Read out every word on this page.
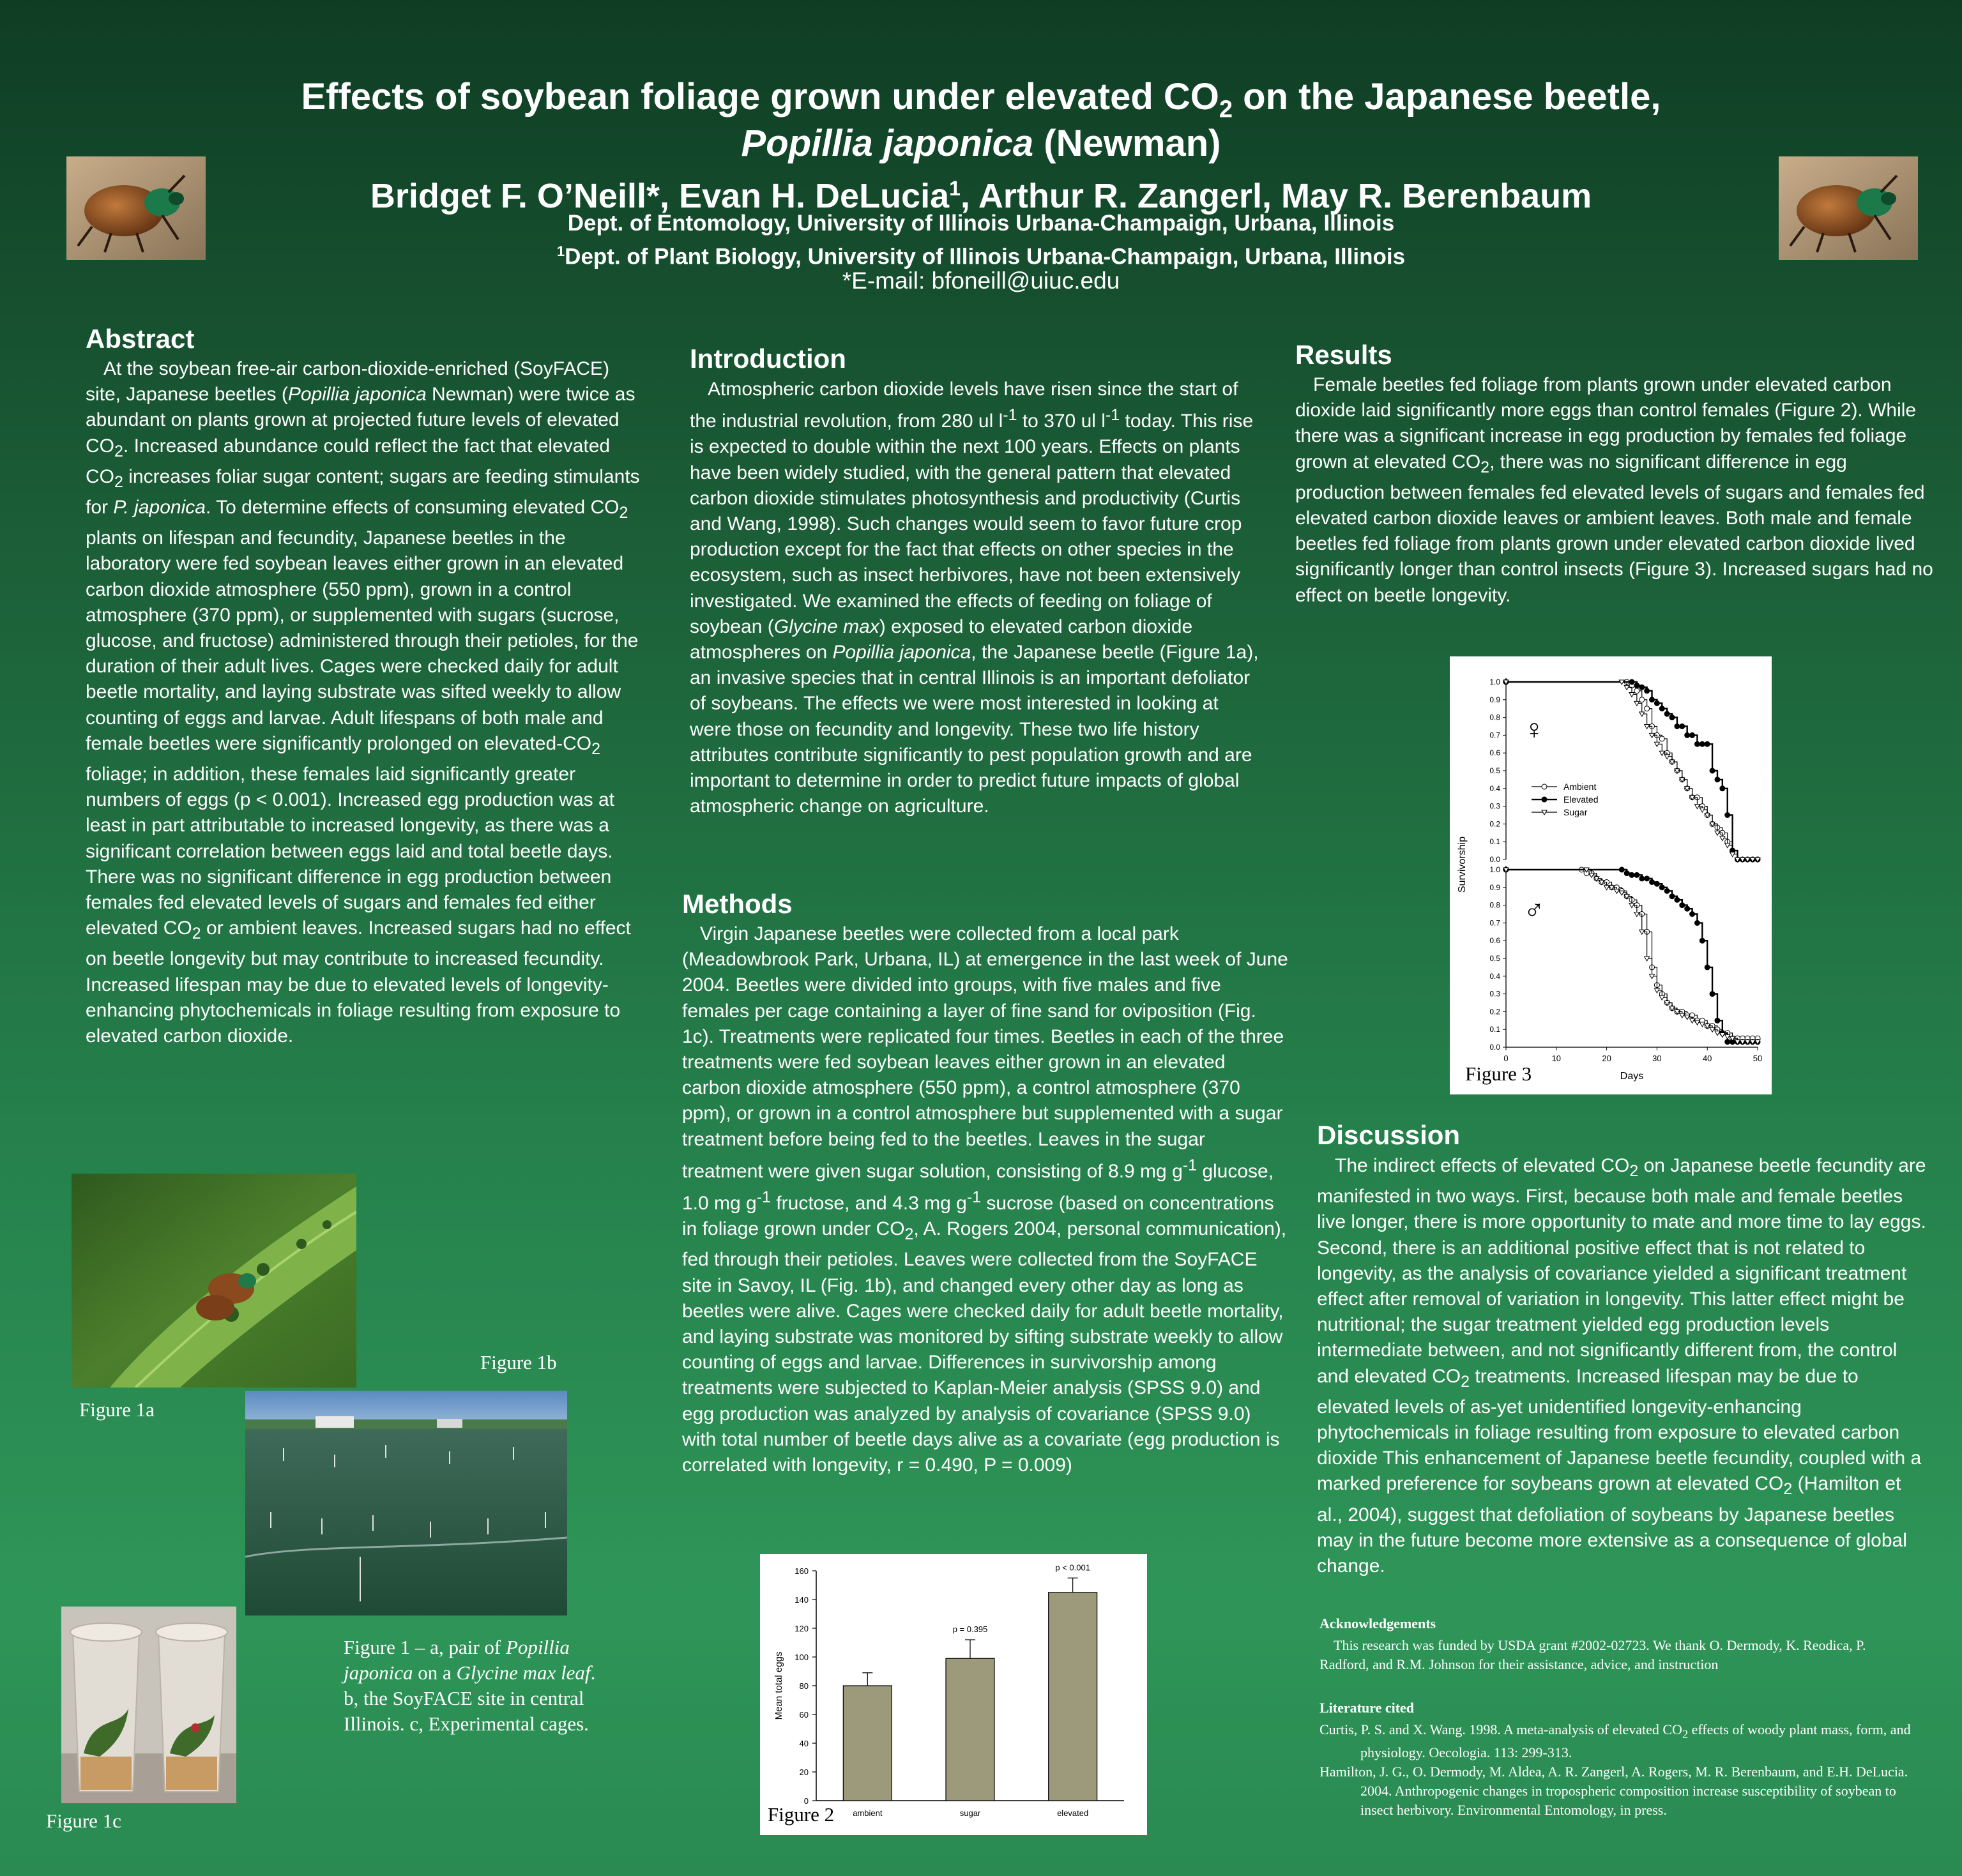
Effects of soybean foliage grown under elevated $CO_2$ on the Japanese beetle,
Popillia japonica (Newman)
Bridget F. O’Neill*, Evan H. DeLucia$^1$, Arthur R. Zangerl, May R. Berenbaum
Dept. of Entomology, University of Illinois Urbana-Champaign, Urbana, Illinois
$^1$Dept. of Plant Biology, University of Illinois Urbana-Champaign, Urbana, Illinois
*E-mail: bfoneill@uiuc.edu
Abstract

At the soybean free-air carbon-dioxide-enriched (SoyFACE) site, Japanese beetles (Popillia japonica Newman) were twice as abundant on plants grown at projected future levels of elevated $CO_2$. Increased abundance could reflect the fact that elevated $CO_2$ increases foliar sugar content; sugars are feeding stimulants for P. japonica. To determine effects of consuming elevated $CO_2$ plants on lifespan and fecundity, Japanese beetles in the laboratory were fed soybean leaves either grown in an elevated carbon dioxide atmosphere (550 ppm), grown in a control atmosphere (370 ppm), or supplemented with sugars (sucrose, glucose, and fructose) administered through their petioles, for the duration of their adult lives. Cages were checked daily for adult beetle mortality, and laying substrate was sifted weekly to allow counting of eggs and larvae. Adult lifespans of both male and female beetles were significantly prolonged on elevated-$CO_2$ foliage; in addition, these females laid significantly greater numbers of eggs (p < 0.001). Increased egg production was at least in part attributable to increased longevity, as there was a significant correlation between eggs laid and total beetle days. There was no significant difference in egg production between females fed elevated levels of sugars and females fed either elevated $CO_2$ or ambient leaves. Increased sugars had no effect on beetle longevity but may contribute to increased fecundity. Increased lifespan may be due to elevated levels of longevity-enhancing phytochemicals in foliage resulting from exposure to elevated carbon dioxide.

Figure 1b
Figure 1a
Figure 1 – a, pair of Popillia japonica on a Glycine max leaf. b, the SoyFACE site in central Illinois. c, Experimental cages.
Figure 1c
Introduction

Atmospheric carbon dioxide levels have risen since the start of the industrial revolution, from 280 ul $l^{-1}$ to 370 ul $l^{-1}$ today. This rise is expected to double within the next 100 years. Effects on plants have been widely studied, with the general pattern that elevated carbon dioxide stimulates photosynthesis and productivity (Curtis and Wang, 1998). Such changes would seem to favor future crop production except for the fact that effects on other species in the ecosystem, such as insect herbivores, have not been extensively investigated. We examined the effects of feeding on foliage of soybean (Glycine max) exposed to elevated carbon dioxide atmospheres on Popillia japonica, the Japanese beetle (Figure 1a), an invasive species that in central Illinois is an important defoliator of soybeans. The effects we were most interested in looking at were those on fecundity and longevity. These two life history attributes contribute significantly to pest population growth and are important to determine in order to predict future impacts of global atmospheric change on agriculture.

Methods

Virgin Japanese beetles were collected from a local park (Meadowbrook Park, Urbana, IL) at emergence in the last week of June 2004. Beetles were divided into groups, with five males and five females per cage containing a layer of fine sand for oviposition (Fig. 1c). Treatments were replicated four times. Beetles in each of the three treatments were fed soybean leaves either grown in an elevated carbon dioxide atmosphere (550 ppm), a control atmosphere (370 ppm), or grown in a control atmosphere but supplemented with a sugar treatment before being fed to the beetles. Leaves in the sugar treatment were given sugar solution, consisting of 8.9 mg $g^{-1}$ glucose, 1.0 mg $g^{-1}$ fructose, and 4.3 mg $g^{-1}$ sucrose (based on concentrations in foliage grown under $CO_2$, A. Rogers 2004, personal communication), fed through their petioles. Leaves were collected from the SoyFACE site in Savoy, IL (Fig. 1b), and changed every other day as long as beetles were alive. Cages were checked daily for adult beetle mortality, and laying substrate was monitored by sifting substrate weekly to allow counting of eggs and larvae. Differences in survivorship among treatments were subjected to Kaplan-Meier analysis (SPSS 9.0) and egg production was analyzed by analysis of covariance (SPSS 9.0) with total number of beetle days alive as a covariate (egg production is correlated with longevity, r = 0.490, P = 0.009)

0
20
40
60
80
100
120
140
160
Mean total eggs
ambient	sugar
p = 0.395
elevated
p < 0.001
Figure 2
Results

Female beetles fed foliage from plants grown under elevated carbon dioxide laid significantly more eggs than control females (Figure 2). While there was a significant increase in egg production by females fed foliage grown at elevated $CO_2$, there was no significant difference in egg production between females fed elevated levels of sugars and females fed elevated carbon dioxide leaves or ambient leaves. Both male and female beetles fed foliage from plants grown under elevated carbon dioxide lived significantly longer than control insects (Figure 3). Increased sugars had no effect on beetle longevity.

Survivorship	0.0
0.1
0.2
0.3
0.4
0.5
0.6
0.7
0.8
0.9
1.0
♀
Ambient
Elevated
Sugar
0.0
0.1
0.2
0.3
0.4
0.5
0.6
0.7
0.8
0.9
1.0
0	10	20	30	40	50
Days
♂
Figure 3
Discussion

The indirect effects of elevated $CO_2$ on Japanese beetle fecundity are manifested in two ways. First, because both male and female beetles live longer, there is more opportunity to mate and more time to lay eggs. Second, there is an additional positive effect that is not related to longevity, as the analysis of covariance yielded a significant treatment effect after removal of variation in longevity. This latter effect might be nutritional; the sugar treatment yielded egg production levels intermediate between, and not significantly different from, the control and elevated $CO_2$ treatments. Increased lifespan may be due to elevated levels of as-yet unidentified longevity-enhancing phytochemicals in foliage resulting from exposure to elevated carbon dioxide This enhancement of Japanese beetle fecundity, coupled with a marked preference for soybeans grown at elevated $CO_2$ (Hamilton et al., 2004), suggest that defoliation of soybeans by Japanese beetles may in the future become more extensive as a consequence of global change.

Acknowledgements
This research was funded by USDA grant #2002-02723. We thank O. Dermody, K. Reodica, P. Radford, and R.M. Johnson for their assistance, advice, and instruction
Literature cited

Curtis, P. S. and X. Wang. 1998. A meta-analysis of elevated $CO_2$ effects of woody plant mass, form, and physiology. Oecologia. 113: 299-313.

Hamilton, J. G., O. Dermody, M. Aldea, A. R. Zangerl, A. Rogers, M. R. Berenbaum, and E.H. DeLucia. 2004. Anthropogenic changes in tropospheric composition increase susceptibility of soybean to insect herbivory. Environmental Entomology, in press.
